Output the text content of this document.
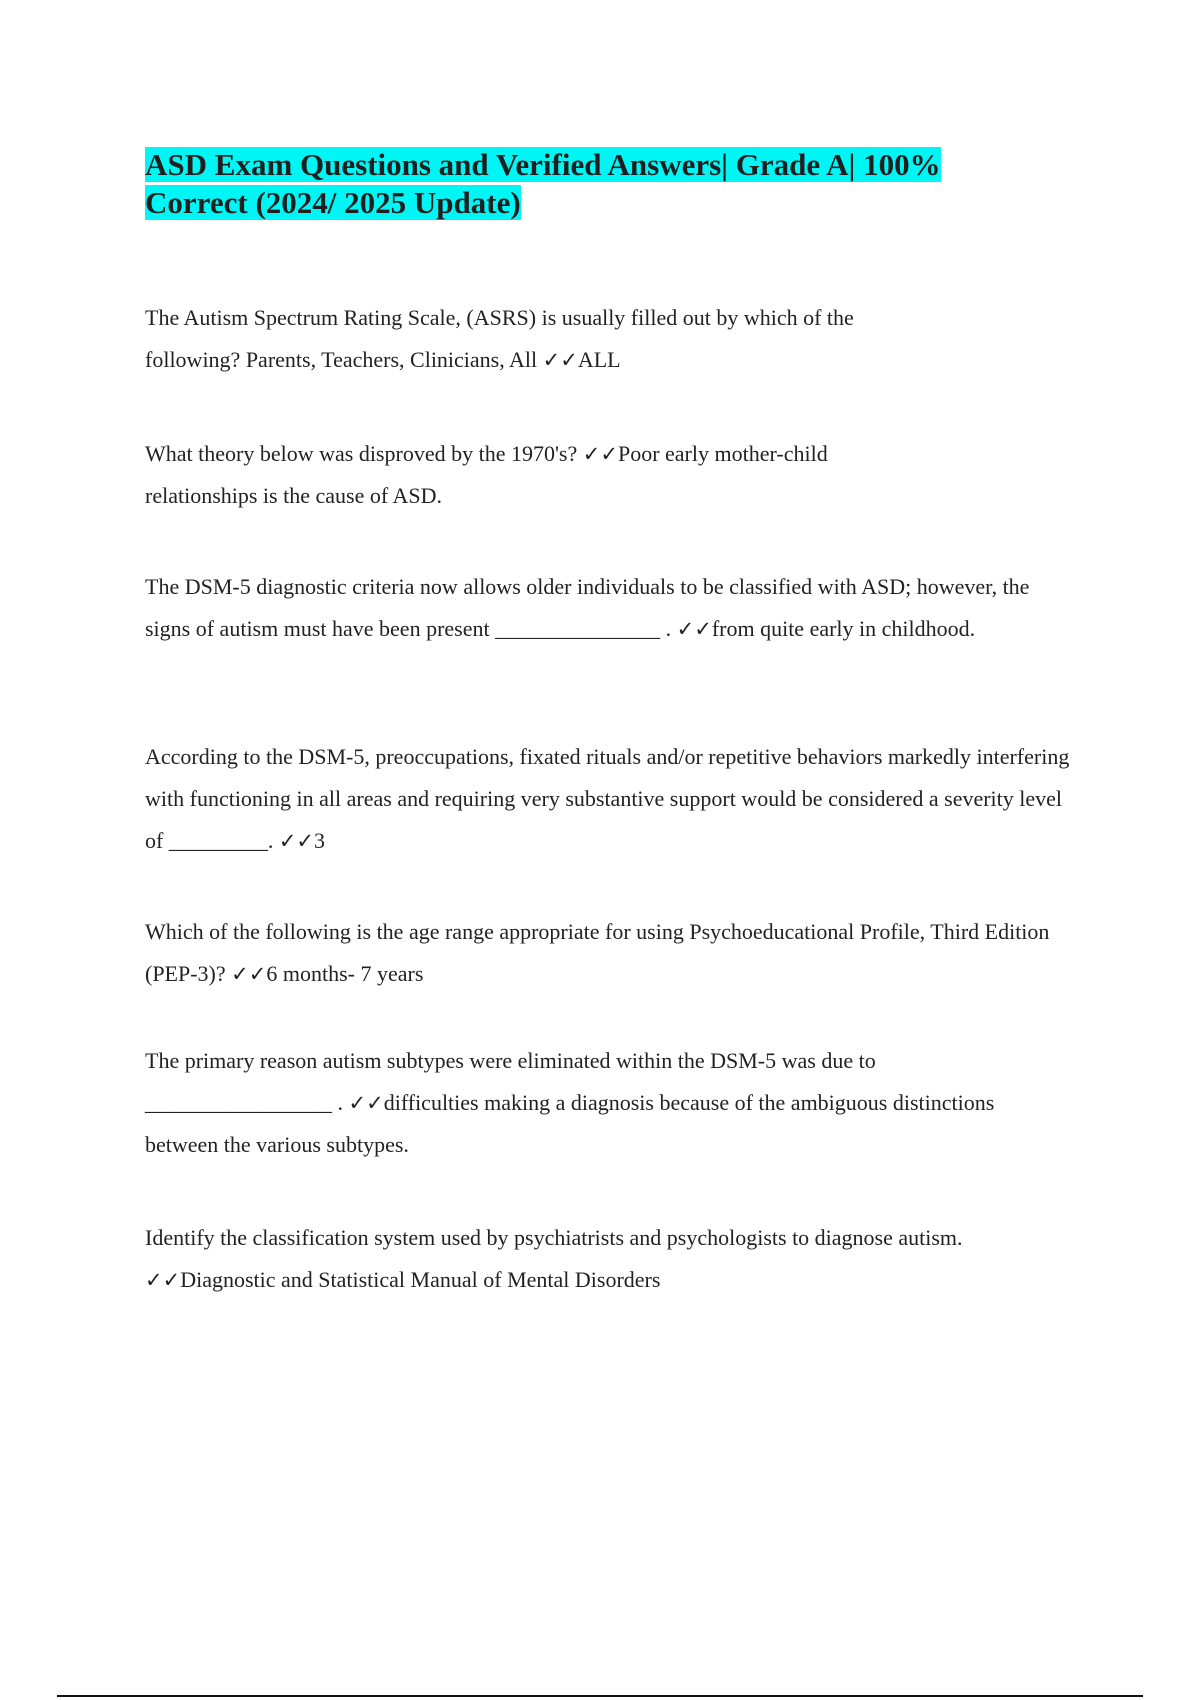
ASD Exam Questions and Verified Answers| Grade A| 100% Correct (2024/ 2025 Update)

The Autism Spectrum Rating Scale, (ASRS) is usually filled out by which of the following? Parents, Teachers, Clinicians, All ✓✓ALL

What theory below was disproved by the 1970's? ✓✓Poor early mother-child relationships is the cause of ASD.

The DSM-5 diagnostic criteria now allows older individuals to be classified with ASD; however, the signs of autism must have been present _______________ . ✓✓from quite early in childhood.

According to the DSM-5, preoccupations, fixated rituals and/or repetitive behaviors markedly interfering with functioning in all areas and requiring very substantive support would be considered a severity level of _________. ✓✓3

Which of the following is the age range appropriate for using Psychoeducational Profile, Third Edition (PEP-3)? ✓✓6 months- 7 years

The primary reason autism subtypes were eliminated within the DSM-5 was due to _________________ . ✓✓difficulties making a diagnosis because of the ambiguous distinctions between the various subtypes.

Identify the classification system used by psychiatrists and psychologists to diagnose autism. ✓✓Diagnostic and Statistical Manual of Mental Disorders
